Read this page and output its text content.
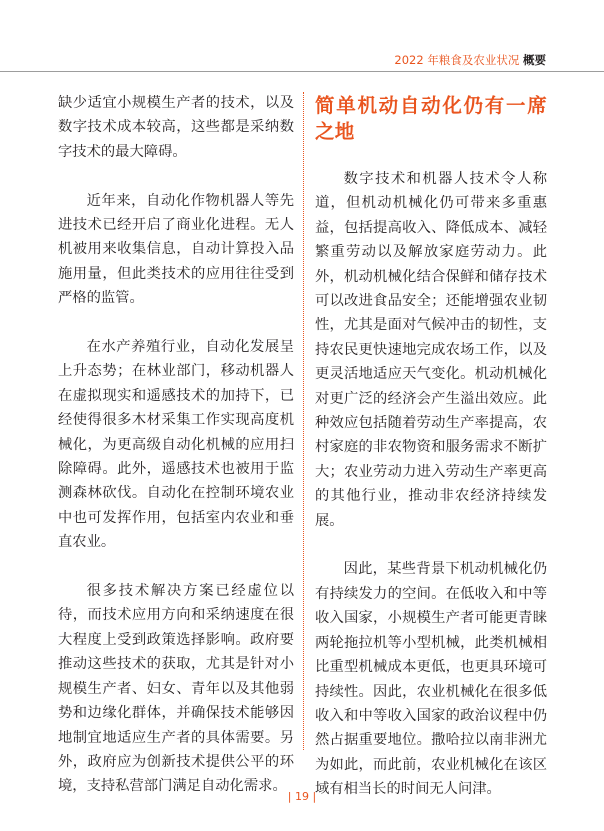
2022 年粮食及农业状况 概要

缺少适宜小规模生产者的技术，以及数字技术成本较高，这些都是采纳数字技术的最大障碍。

近年来，自动化作物机器人等先进技术已经开启了商业化进程。无人机被用来收集信息，自动计算投入品施用量，但此类技术的应用往往受到严格的监管。

在水产养殖行业，自动化发展呈上升态势；在林业部门，移动机器人在虚拟现实和遥感技术的加持下，已经使得很多木材采集工作实现高度机械化，为更高级自动化机械的应用扫除障碍。此外，遥感技术也被用于监测森林砍伐。自动化在控制环境农业中也可发挥作用，包括室内农业和垂直农业。

很多技术解决方案已经虚位以待，而技术应用方向和采纳速度在很大程度上受到政策选择影响。政府要推动这些技术的获取，尤其是针对小规模生产者、妇女、青年以及其他弱势和边缘化群体，并确保技术能够因地制宜地适应生产者的具体需要。另外，政府应为创新技术提供公平的环境，支持私营部门满足自动化需求。

简单机动自动化仍有一席之地

数字技术和机器人技术令人称道，但机动机械化仍可带来多重惠益，包括提高收入、降低成本、减轻繁重劳动以及解放家庭劳动力。此外，机动机械化结合保鲜和储存技术可以改进食品安全；还能增强农业韧性，尤其是面对气候冲击的韧性，支持农民更快速地完成农场工作，以及更灵活地适应天气变化。机动机械化对更广泛的经济会产生溢出效应。此种效应包括随着劳动生产率提高，农村家庭的非农物资和服务需求不断扩大；农业劳动力进入劳动生产率更高的其他行业，推动非农经济持续发展。

因此，某些背景下机动机械化仍有持续发力的空间。在低收入和中等收入国家，小规模生产者可能更青睐两轮拖拉机等小型机械，此类机械相比重型机械成本更低，也更具环境可持续性。因此，农业机械化在很多低收入和中等收入国家的政治议程中仍然占据重要地位。撒哈拉以南非洲尤为如此，而此前，农业机械化在该区域有相当长的时间无人问津。

| 19 |
